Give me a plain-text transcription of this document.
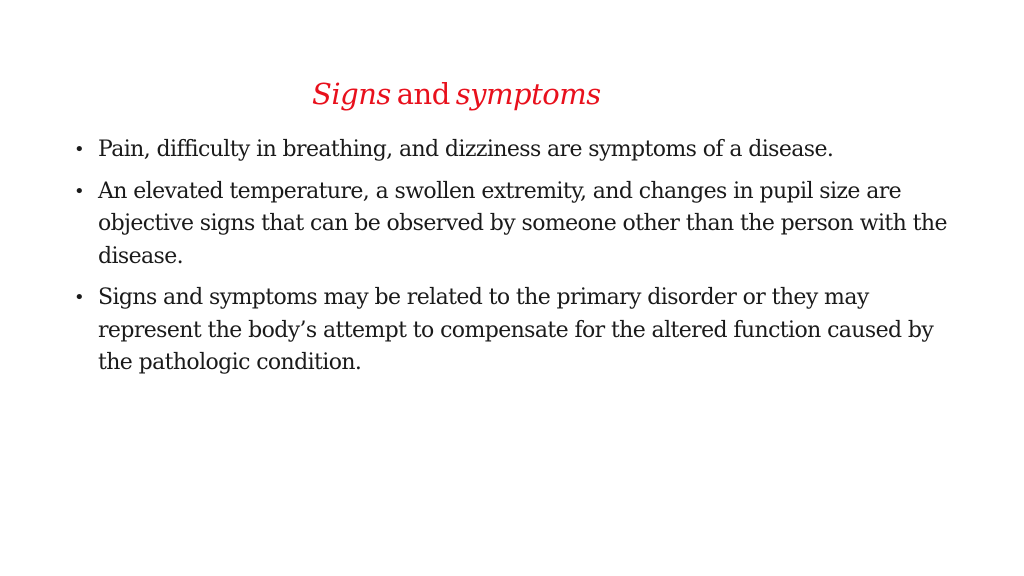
Signs and symptoms
• Pain, difficulty in breathing, and dizziness are symptoms of a disease.
• An elevated temperature, a swollen extremity, and changes in pupil size are objective signs that can be observed by someone other than the person with the disease.
• Signs and symptoms may be related to the primary disorder or they may represent the body’s attempt to compensate for the altered function caused by the pathologic condition.
